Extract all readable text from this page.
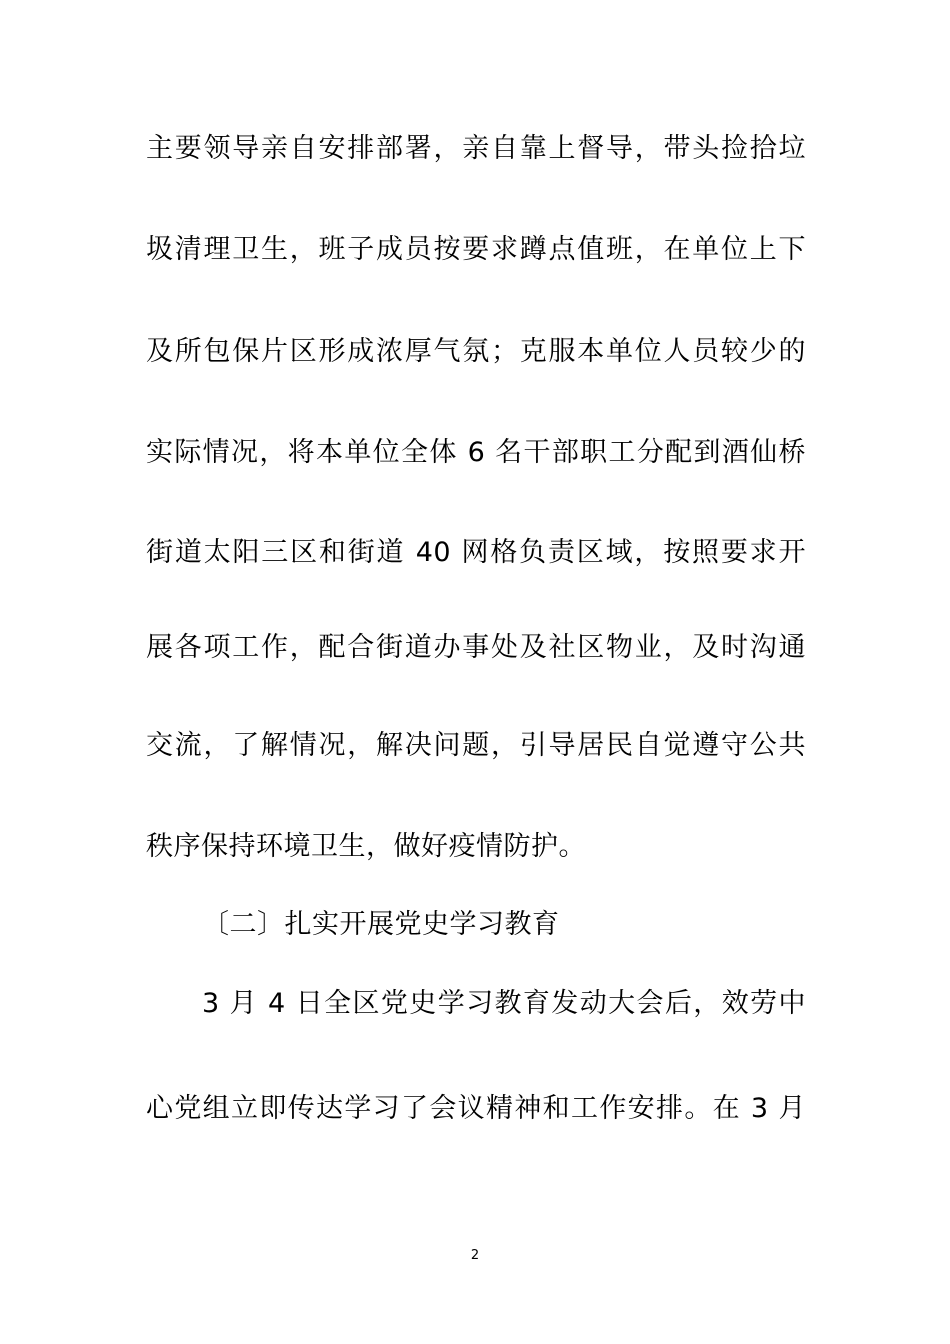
主要领导亲自安排部署，亲自靠上督导，带头捡拾垃
圾清理卫生，班子成员按要求蹲点值班，在单位上下
及所包保片区形成浓厚气氛；克服本单位人员较少的
实际情况，将本单位全体 6 名干部职工分配到酒仙桥
街道太阳三区和街道 40 网格负责区域，按照要求开
展各项工作，配合街道办事处及社区物业，及时沟通
交流，了解情况，解决问题，引导居民自觉遵守公共
秩序保持环境卫生，做好疫情防护。
〔二〕扎实开展党史学习教育
3 月 4 日全区党史学习教育发动大会后，效劳中
心党组立即传达学习了会议精神和工作安排。在 3 月
2
